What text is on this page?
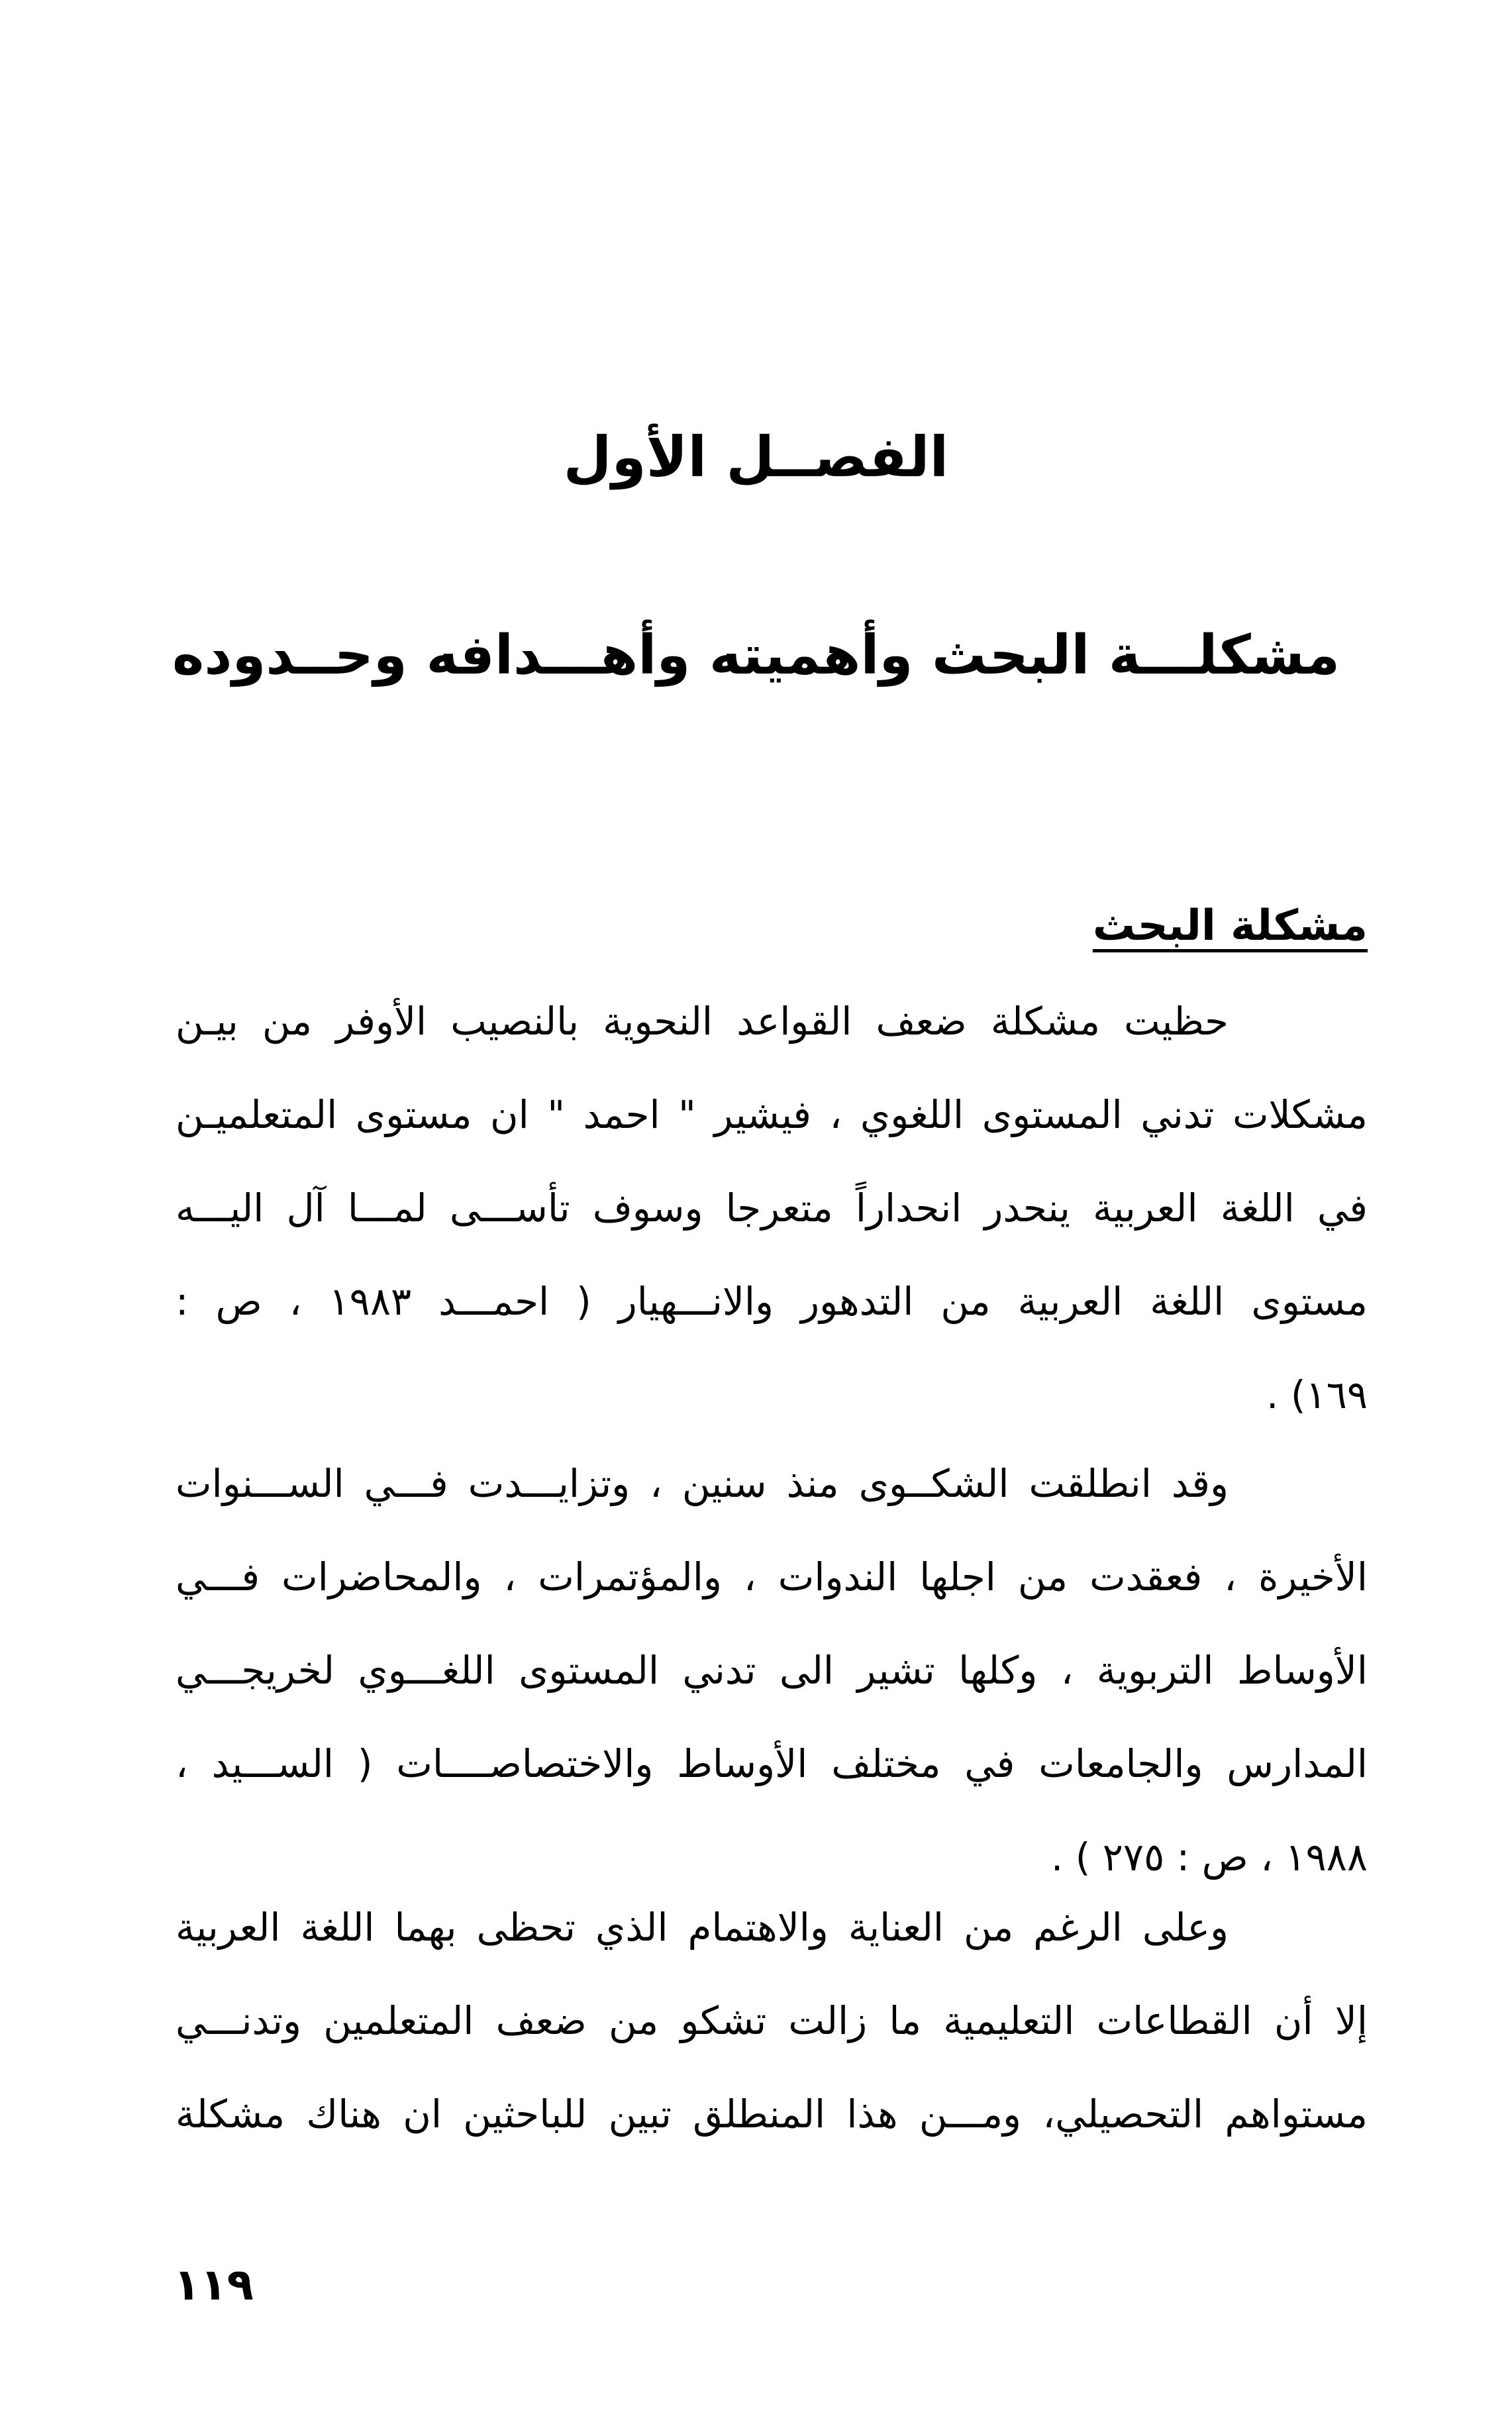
الفصــل الأول
مشكلـــة البحث وأهميته وأهـــدافه وحــدوده
مشكلة البحث
حظيت مشكلة ضعف القواعد النحوية بالنصيب الأوفر من بيـن
مشكلات تدني المستوى اللغوي ، فيشير " احمد " ان مستوى المتعلميـن
في اللغة العربية ينحدر انحداراً متعرجا وسوف تأســـى لمـــا آل اليـــه
مستوى اللغة العربية من التدهور والانـــهيار ( احمـــد ١٩٨٣ ، ص :
١٦٩) .
وقد انطلقت الشكــوى منذ سنين ، وتزايـــدت فـــي الســـنوات
الأخيرة ، فعقدت من اجلها الندوات ، والمؤتمرات ، والمحاضرات فـــي
الأوساط التربوية ، وكلها تشير الى تدني المستوى اللغـــوي لخريجـــي
المدارس والجامعات في مختلف الأوساط والاختصاصــــات ( الســـيد ،
١٩٨٨ ، ص : ٢٧٥ ) .
وعلى الرغم من العناية والاهتمام الذي تحظى بهما اللغة العربية
إلا أن القطاعات التعليمية ما زالت تشكو من ضعف المتعلمين وتدنـــي
مستواهم التحصيلي، ومـــن هذا المنطلق تبين للباحثين ان هناك مشكلة
١١٩
